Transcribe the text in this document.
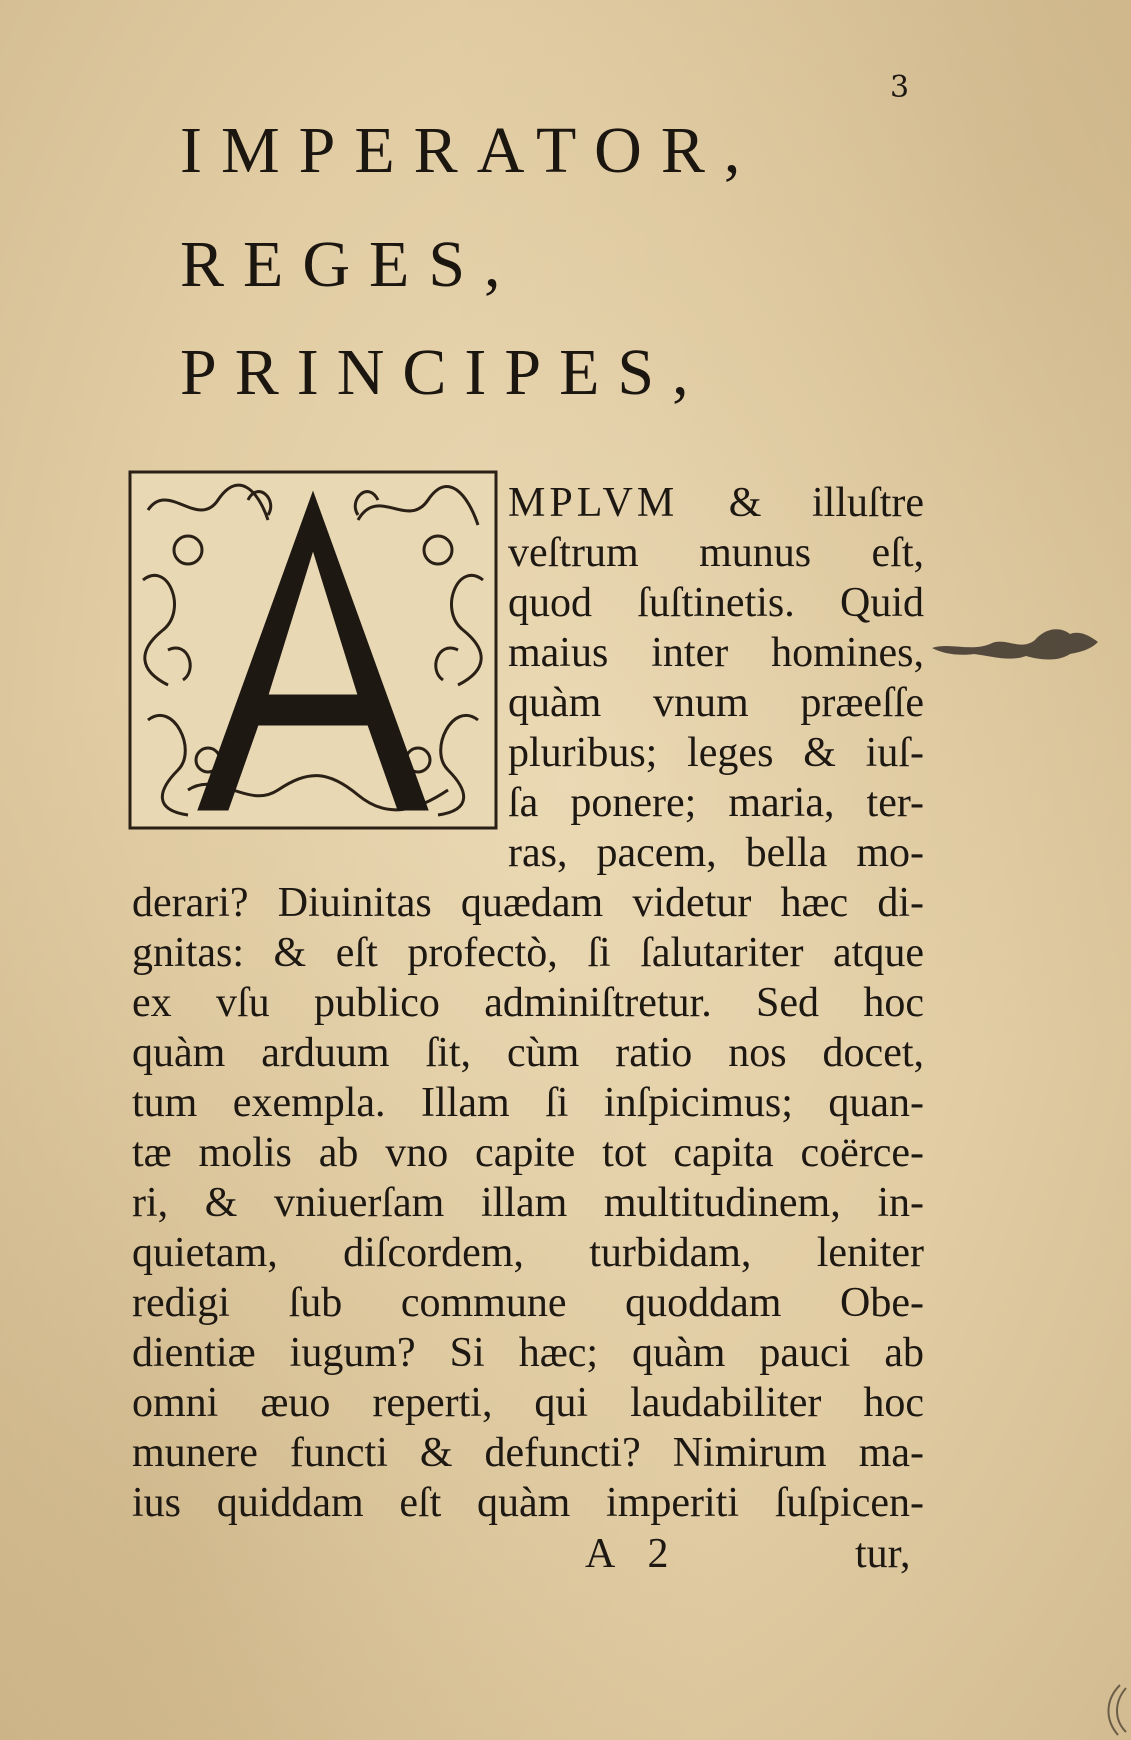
3
IMPERATOR,
REGES,
PRINCIPES,
MPLVM & illuſtre
veſtrum munus eſt,
quod ſuſtinetis. Quid
maius inter homines,
quàm vnum præeſſe
pluribus; leges & iuſ-
ſa ponere; maria, ter-
ras, pacem, bella mo-
derari? Diuinitas quædam videtur hæc di-
gnitas: & eſt profectò, ſi ſalutariter atque
ex vſu publico adminiſtretur. Sed hoc
quàm arduum ſit, cùm ratio nos docet,
tum exempla. Illam ſi inſpicimus; quan-
tæ molis ab vno capite tot capita coërce-
ri, & vniuerſam illam multitudinem, in-
quietam, diſcordem, turbidam, leniter
redigi ſub commune quoddam Obe-
dientiæ iugum? Si hæc; quàm pauci ab
omni æuo reperti, qui laudabiliter hoc
munere functi & defuncti? Nimirum ma-
ius quiddam eſt quàm imperiti ſuſpicen-
A 2	tur,
